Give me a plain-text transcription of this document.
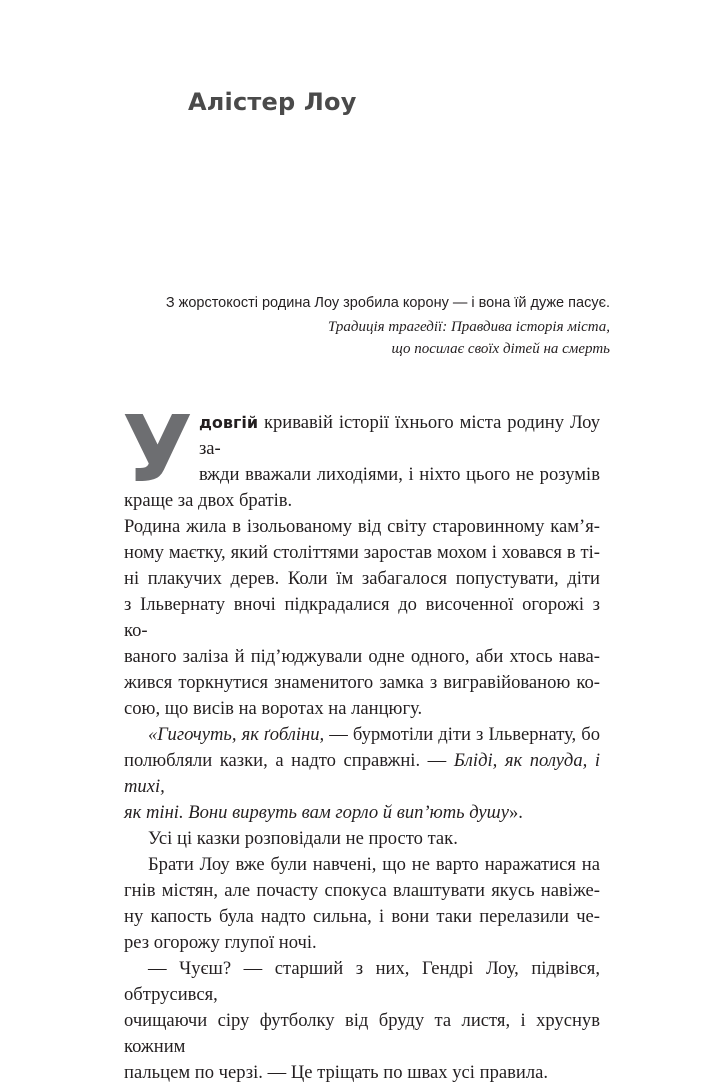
Алістер Лоу

З жорстокості родина Лоу зробила корону — і вона їй дуже пасує.

Традиція трагедії: Правдива історія міста,
що посилає своїх дітей на смерть

У довгій кривавій історії їхнього міста родину Лоу за-
вжди вважали лиходіями, і ніхто цього не розумів
краще за двох братів.

Родина жила в ізольованому від світу старовинному кам’я-
ному маєтку, який століттями заростав мохом і ховався в ті-
ні плакучих дерев. Коли їм забагалося попустувати, діти
з Ільвернату вночі підкрадалися до височенної огорожі з ко-
ваного заліза й під’юджували одне одного, аби хтось нава-
жився торкнутися знаменитого замка з вигравійованою ко-
сою, що висів на воротах на ланцюгу.

«Гигочуть, як ґобліни, — бурмотіли діти з Ільвернату, бо
полюбляли казки, а надто справжні. — Блідi, як полуда, і тихі,
як тіні. Вони вирвуть вам горло й вип’ють душу».

Усі ці казки розповідали не просто так.

Брати Лоу вже були навчені, що не варто наражатися на
гнів містян, але почасту спокуса влаштувати якусь навіже-
ну капость була надто сильна, і вони таки перелазили че-
рез огорожу глупої ночі.

— Чуєш? — старший з них, Гендрі Лоу, підвівся, обтрусився,
очищаючи сіру футболку від бруду та листя, і хруснув кожним
пальцем по черзі. — Це тріщать по швах усі правила.
